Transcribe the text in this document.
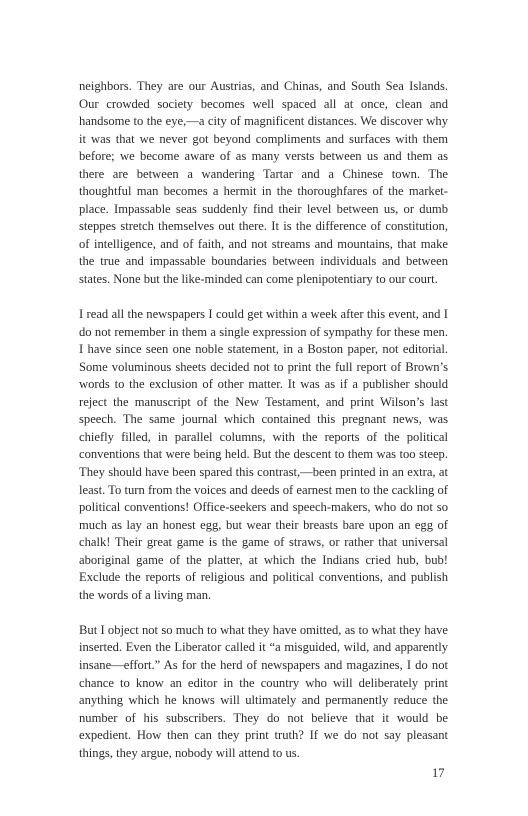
neighbors. They are our Austrias, and Chinas, and South Sea Islands. Our crowded society becomes well spaced all at once, clean and handsome to the eye,—a city of magnificent distances. We discover why it was that we never got beyond compliments and surfaces with them before; we become aware of as many versts between us and them as there are between a wandering Tartar and a Chinese town. The thoughtful man becomes a hermit in the thoroughfares of the market-place. Impassable seas suddenly find their level between us, or dumb steppes stretch themselves out there. It is the difference of constitution, of intelligence, and of faith, and not streams and mountains, that make the true and impassable boundaries between individuals and between states. None but the like-minded can come plenipotentiary to our court.

I read all the newspapers I could get within a week after this event, and I do not remember in them a single expression of sympathy for these men. I have since seen one noble statement, in a Boston paper, not editorial. Some voluminous sheets decided not to print the full report of Brown’s words to the exclusion of other matter. It was as if a publisher should reject the manuscript of the New Testament, and print Wilson’s last speech. The same journal which contained this pregnant news, was chiefly filled, in parallel columns, with the reports of the political conventions that were being held. But the descent to them was too steep. They should have been spared this contrast,—been printed in an extra, at least. To turn from the voices and deeds of earnest men to the cackling of political conventions! Office-seekers and speech-makers, who do not so much as lay an honest egg, but wear their breasts bare upon an egg of chalk! Their great game is the game of straws, or rather that universal aboriginal game of the platter, at which the Indians cried hub, bub! Exclude the reports of religious and political conventions, and publish the words of a living man.

But I object not so much to what they have omitted, as to what they have inserted. Even the Liberator called it “a misguided, wild, and apparently insane—effort.” As for the herd of newspapers and magazines, I do not chance to know an editor in the country who will deliberately print anything which he knows will ultimately and permanently reduce the number of his subscribers. They do not believe that it would be expedient. How then can they print truth? If we do not say pleasant things, they argue, nobody will attend to us.

17
